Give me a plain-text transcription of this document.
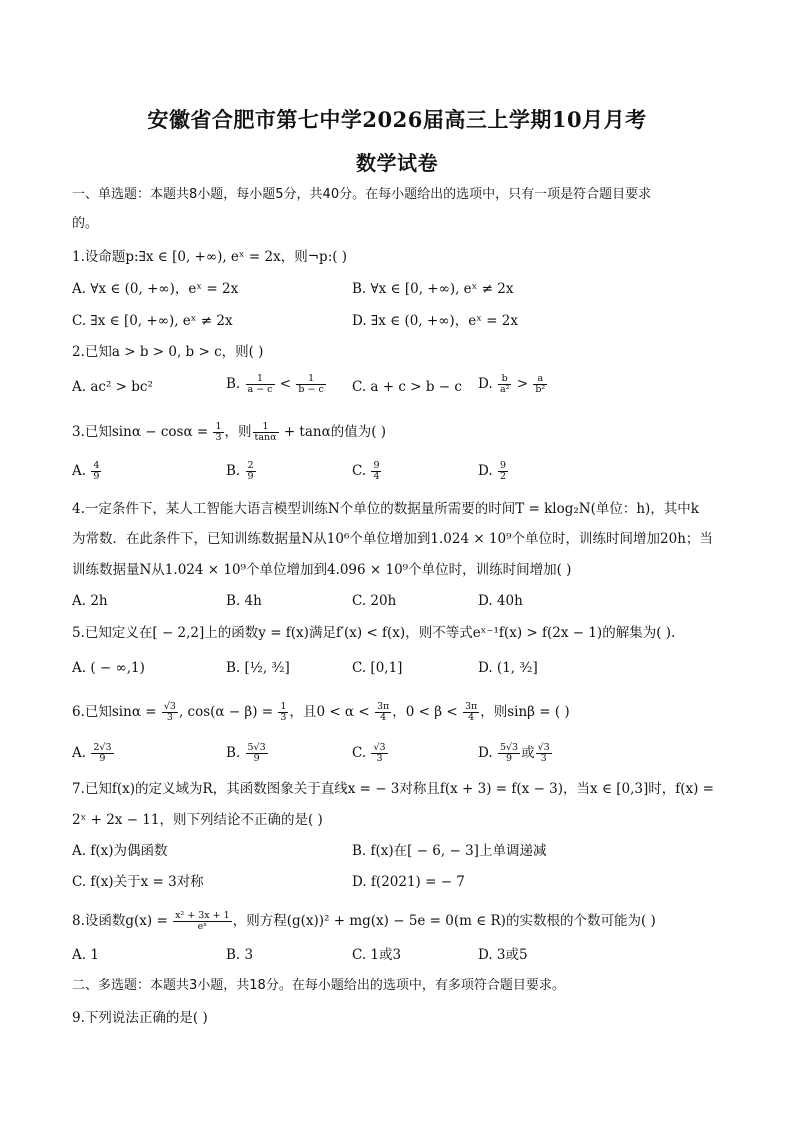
安徽省合肥市第七中学2026届高三上学期10月月考
数学试卷
一、单选题：本题共8小题，每小题5分，共40分。在每小题给出的选项中，只有一项是符合题目要求
的。
1.设命题p:∃x ∈ [0, +∞), eˣ = 2x，则¬p:( )
A. ∀x ∈ (0, +∞)，eˣ = 2x	B. ∀x ∈ [0, +∞), eˣ ≠ 2x
C. ∃x ∈ [0, +∞), eˣ ≠ 2x	D. ∃x ∈ (0, +∞)，eˣ = 2x
2.已知a > b > 0, b > c，则( )
A. ac² > bc²	B. $\frac{1}{a - c} < \frac{1}{b - c} C$. a + c > b − c D. $\frac{b}{\text{a²}} > \frac{a}{\text{b²}}$
3.已知$\sin\alpha - \cos\alpha = \frac{1}{3}$ ，则 $\frac{1}{\tan\alpha} + \tan\alpha$的值为( )
A. $\frac{4}{9}$	B. $\frac{2}{9}$	C. $\frac{9}{4}$	D. $\frac{9}{2}$
4.一定条件下，某人工智能大语言模型训练N个单位的数据量所需要的时间T = klog₂N(单位：h)，其中k
为常数．在此条件下，已知训练数据量N从10⁶个单位增加到1.024 × 10⁹个单位时，训练时间增加20h；当
训练数据量N从1.024 × 10⁹个单位增加到4.096 × 10⁹个单位时，训练时间增加( )
A. 2h	B. 4h	C. 20h	D. 40h
5.已知定义在[ − 2,2]上的函数y = f(x)满足f′(x) < f(x)，则不等式eˣ⁻¹f(x) > f(2x − 1)的解集为( ).
A. ( − ∞,1)	B. [½, ³⁄₂]	C. [0,1]	D. (1, ³⁄₂]
6.已知$\sin\alpha = \frac{√3}{3}$ , $\cos(\alpha - \beta) = \frac{1}{3}$ ，且$0 < \alpha < \frac{3\pi}{4}$ ，$0 < \beta < \frac{3\pi}{4}$ ，则sinβ = ( )
A. $\frac{2√3}{9}$	B. $\frac{5√3}{9}$	C. $\frac{√3}{3}$	D. $\frac{5√3}{9}$ 或 $\frac{√3}{3}$
7.已知f(x)的定义域为R，其函数图象关于直线x = − 3对称且f(x + 3) = f(x − 3)，当x ∈ [0,3]时，f(x) =
2ˣ + 2x − 11，则下列结论不正确的是( )
A. f(x)为偶函数	B. f(x)在[ − 6, − 3]上单调递减
C. f(x)关于x = 3对称	D. f(2021) = − 7
8.设函数$g(x) = \frac{\text{x² + 3x + 1}}{\text{eˣ}}$ ，则方程(g(x))² + mg(x) − 5e = 0(m ∈ R)的实数根的个数可能为( )
A. 1	B. 3	C. 1或3	D. 3或5
二、多选题：本题共3小题，共18分。在每小题给出的选项中，有多项符合题目要求。
9.下列说法正确的是( )
